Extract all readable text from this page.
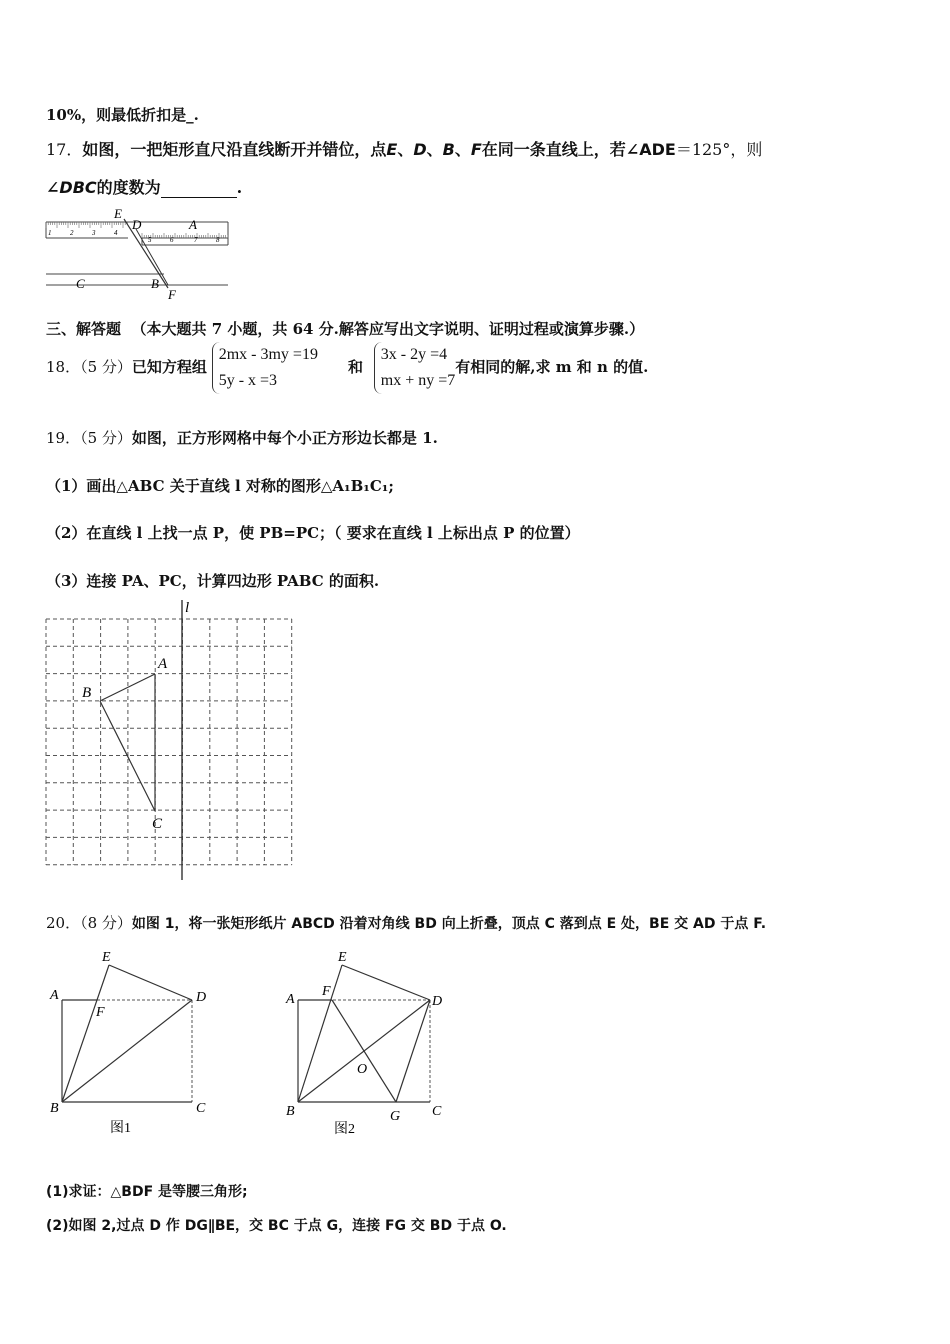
10%，则最低折扣是_.
17．如图，一把矩形直尺沿直线断开并错位，点E、D、B、F在同一条直线上，若∠ADE＝125°，则
∠DBC的度数为	.
E
D	A
C	B
F
1	2	3	4
5	6	7	8
三、解答题 （本大题共 7 小题，共 64 分.解答应写出文字说明、证明过程或演算步骤.）
18．（5 分）已知方程组
2mx - 3my =19
5y - x =3
和
3x - 2y =4
mx + ny =7
有相同的解,求 m 和 n 的值.
19．（5 分）如图，正方形网格中每个小正方形边长都是 1.
（1）画出△ABC 关于直线 l 对称的图形△A₁B₁C₁;
（2）在直线 l 上找一点 P，使 PB=PC；（ 要求在直线 l 上标出点 P 的位置）
（3）连接 PA、PC，计算四边形 PABC 的面积.
l
A
B
C
20．（8 分）如图 1，将一张矩形纸片 ABCD 沿着对角线 BD 向上折叠，顶点 C 落到点 E 处，BE 交 AD 于点 F.
E
A
F
D
B	C
图1
E
A
F
D
O
B	G C
图2
(1)求证：△BDF 是等腰三角形;
(2)如图 2,过点 D 作 DG∥BE，交 BC 于点 G，连接 FG 交 BD 于点 O.
